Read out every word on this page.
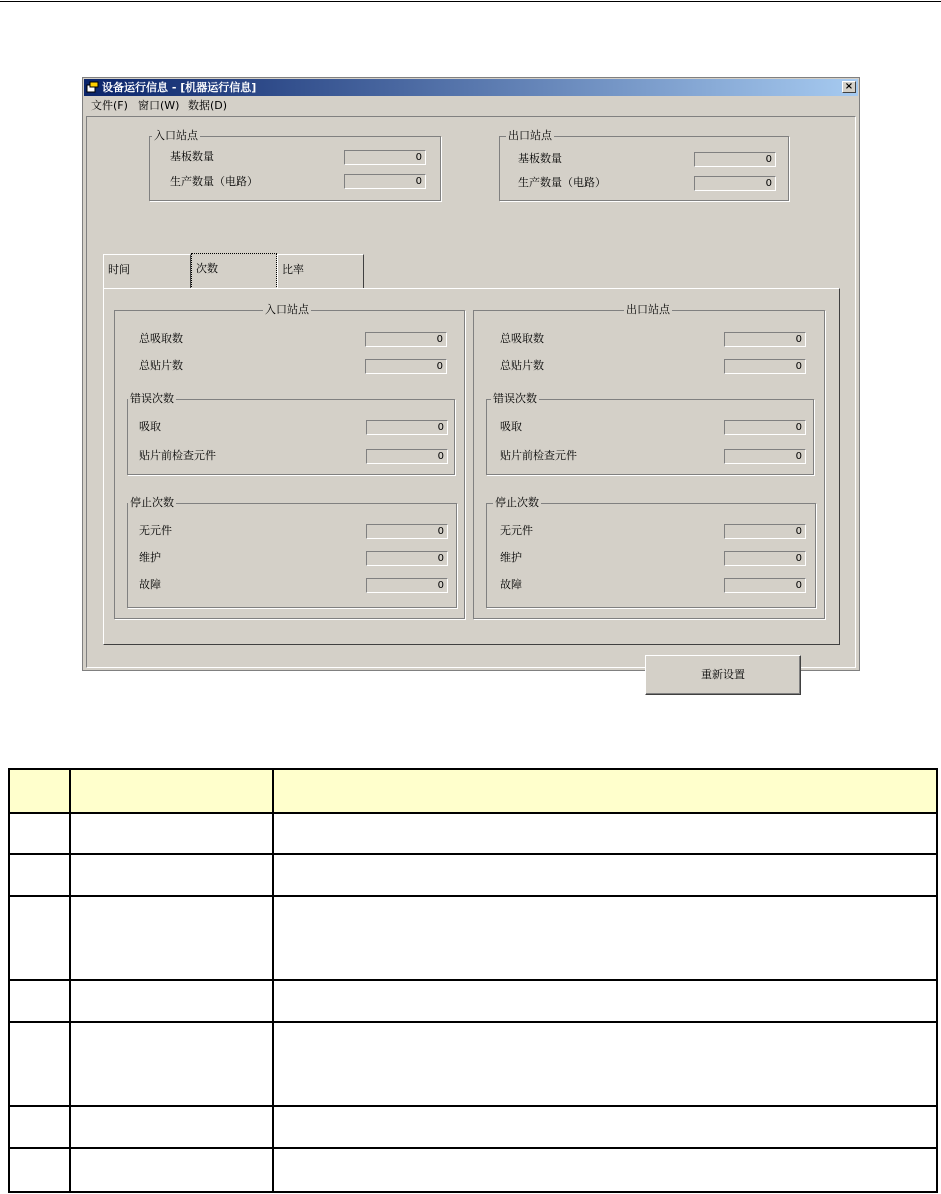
设备运行信息 - [机器运行信息]	×
文件(F) 窗口(W) 数据(D)
入口站点
基板数量	0
生产数量（电路）	0
出口站点
基板数量	0
生产数量（电路）	0
时间	次数	比率
入口站点
总吸取数	0
总贴片数	0
错误次数
吸取	0
贴片前检查元件	0
停止次数
无元件	0
维护	0
故障	0
出口站点
总吸取数	0
总贴片数	0
错误次数
吸取	0
贴片前检查元件	0
停止次数
无元件	0
维护	0
故障	0
重新设置
